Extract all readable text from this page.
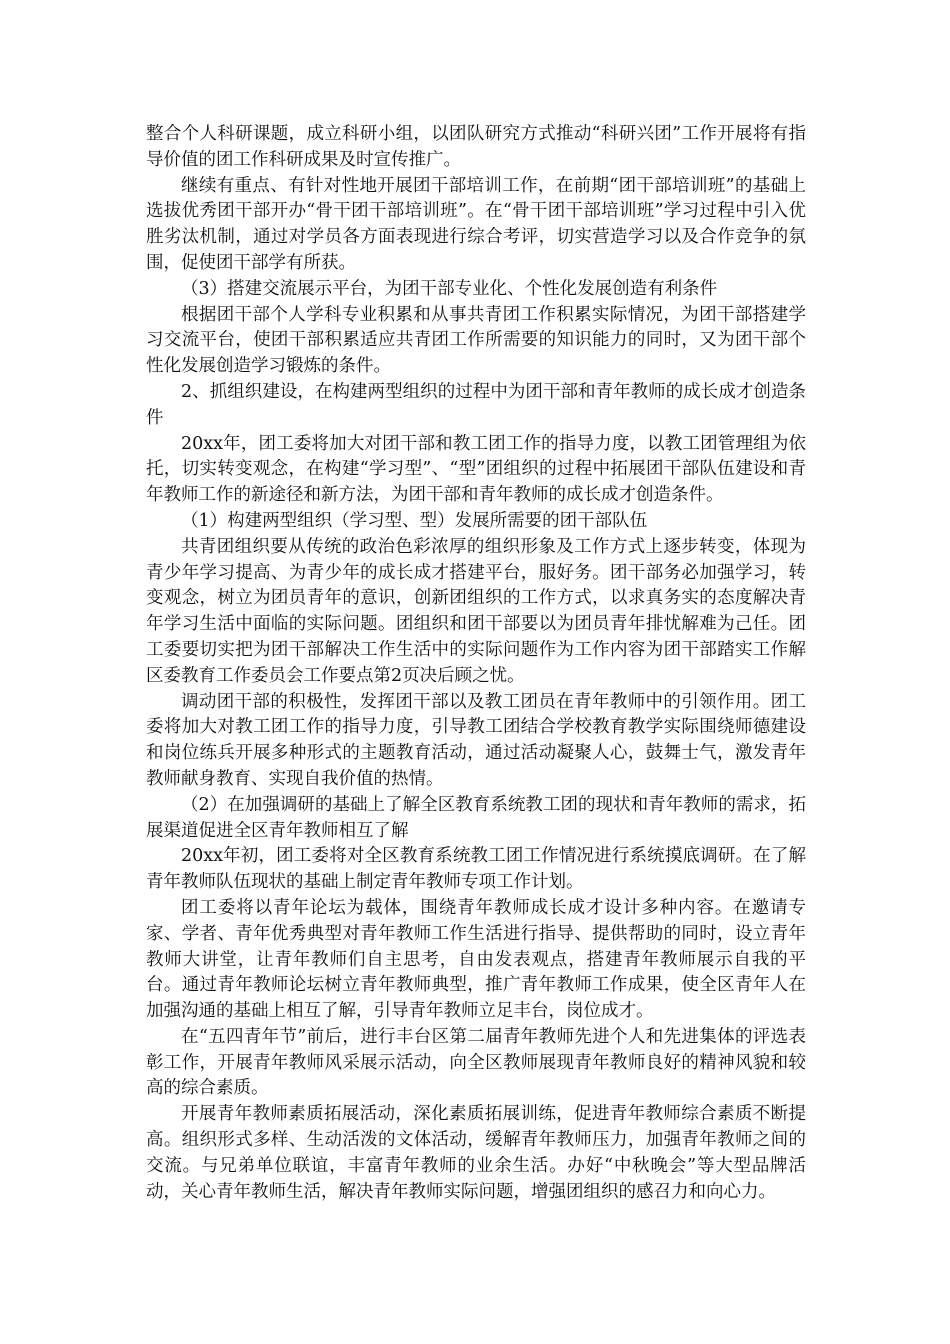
整合个人科研课题，成立科研小组，以团队研究方式推动“科研兴团”工作开展将有指导价值的团工作科研成果及时宣传推广。

继续有重点、有针对性地开展团干部培训工作，在前期“团干部培训班”的基础上选拔优秀团干部开办“骨干团干部培训班”。在“骨干团干部培训班”学习过程中引入优胜劣汰机制，通过对学员各方面表现进行综合考评，切实营造学习以及合作竞争的氛围，促使团干部学有所获。

（3）搭建交流展示平台，为团干部专业化、个性化发展创造有利条件

根据团干部个人学科专业积累和从事共青团工作积累实际情况，为团干部搭建学习交流平台，使团干部积累适应共青团工作所需要的知识能力的同时，又为团干部个性化发展创造学习锻炼的条件。

2、抓组织建设，在构建两型组织的过程中为团干部和青年教师的成长成才创造条件

20xx年，团工委将加大对团干部和教工团工作的指导力度，以教工团管理组为依托，切实转变观念，在构建“学习型”、“型”团组织的过程中拓展团干部队伍建设和青年教师工作的新途径和新方法，为团干部和青年教师的成长成才创造条件。

（1）构建两型组织（学习型、型）发展所需要的团干部队伍

共青团组织要从传统的政治色彩浓厚的组织形象及工作方式上逐步转变，体现为青少年学习提高、为青少年的成长成才搭建平台，服好务。团干部务必加强学习，转变观念，树立为团员青年的意识，创新团组织的工作方式，以求真务实的态度解决青年学习生活中面临的实际问题。团组织和团干部要以为团员青年排忧解难为己任。团工委要切实把为团干部解决工作生活中的实际问题作为工作内容为团干部踏实工作解区委教育工作委员会工作要点第2页决后顾之忧。

调动团干部的积极性，发挥团干部以及教工团员在青年教师中的引领作用。团工委将加大对教工团工作的指导力度，引导教工团结合学校教育教学实际围绕师德建设和岗位练兵开展多种形式的主题教育活动，通过活动凝聚人心，鼓舞士气，激发青年教师献身教育、实现自我价值的热情。

（2）在加强调研的基础上了解全区教育系统教工团的现状和青年教师的需求，拓展渠道促进全区青年教师相互了解

20xx年初，团工委将对全区教育系统教工团工作情况进行系统摸底调研。在了解青年教师队伍现状的基础上制定青年教师专项工作计划。

团工委将以青年论坛为载体，围绕青年教师成长成才设计多种内容。在邀请专家、学者、青年优秀典型对青年教师工作生活进行指导、提供帮助的同时，设立青年教师大讲堂，让青年教师们自主思考，自由发表观点，搭建青年教师展示自我的平台。通过青年教师论坛树立青年教师典型，推广青年教师工作成果，使全区青年人在加强沟通的基础上相互了解，引导青年教师立足丰台，岗位成才。

在“五四青年节”前后，进行丰台区第二届青年教师先进个人和先进集体的评选表彰工作，开展青年教师风采展示活动，向全区教师展现青年教师良好的精神风貌和较高的综合素质。

开展青年教师素质拓展活动，深化素质拓展训练，促进青年教师综合素质不断提高。组织形式多样、生动活泼的文体活动，缓解青年教师压力，加强青年教师之间的交流。与兄弟单位联谊，丰富青年教师的业余生活。办好“中秋晚会”等大型品牌活动，关心青年教师生活，解决青年教师实际问题，增强团组织的感召力和向心力。
